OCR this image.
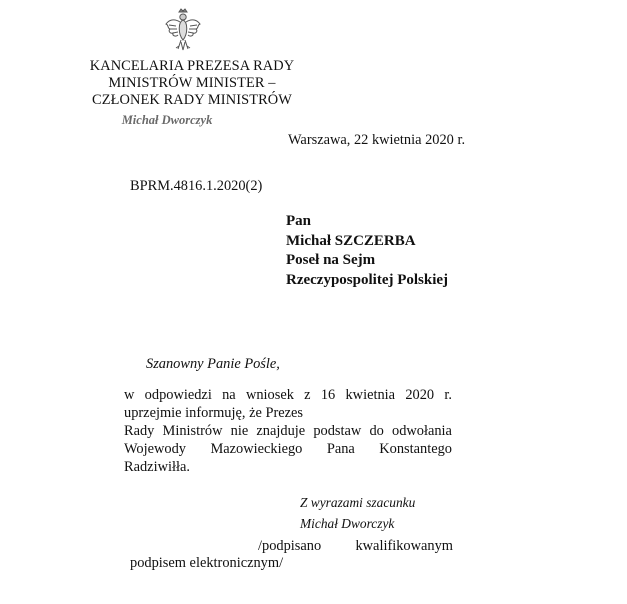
KANCELARIA PREZESA RADY
MINISTRÓW MINISTER –
CZŁONEK RADY MINISTRÓW
Michał Dworczyk
Warszawa, 22 kwietnia 2020 r.
BPRM.4816.1.2020(2)
Pan
Michał SZCZERBA
Poseł na Sejm
Rzeczypospolitej Polskiej
Szanowny Panie Pośle,
w odpowiedzi na wniosek z 16 kwietnia 2020 r.
uprzejmie informuję, że Prezes
Rady Ministrów nie znajduje podstaw do odwołania
Wojewody Mazowieckiego Pana Konstantego
Radziwiłła.
Z wyrazami szacunku
Michał Dworczyk
/podpisano kwalifikowanym
podpisem elektronicznym/
